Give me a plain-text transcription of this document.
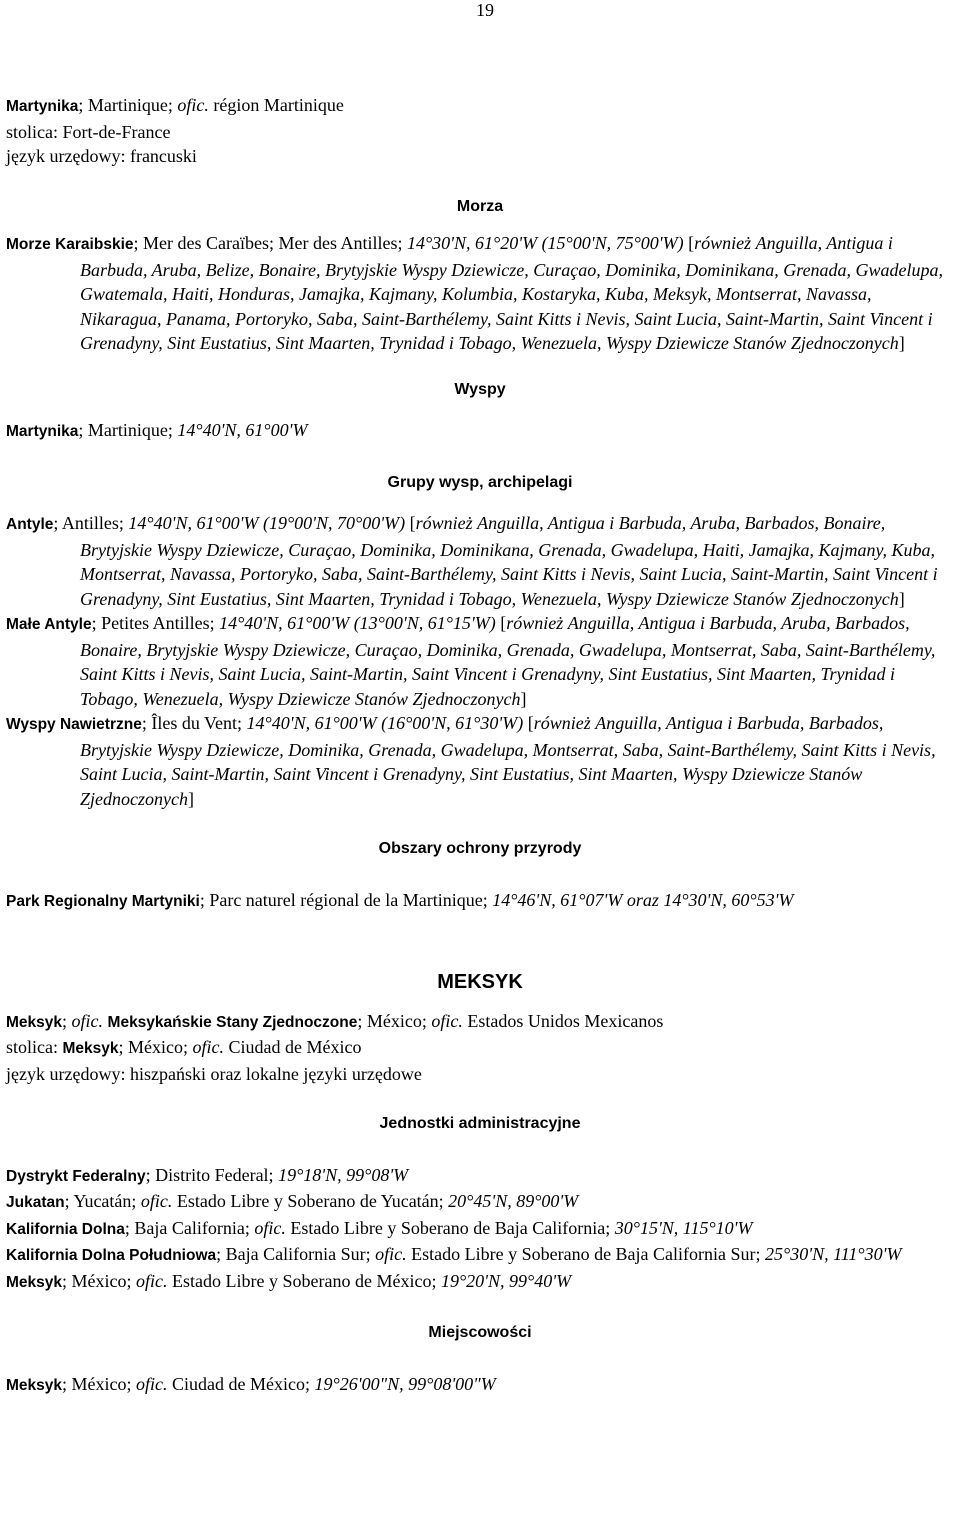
19

Martynika; Martinique; ofic. région Martinique

stolica: Fort-de-France

język urzędowy: francuski

Morza

Morze Karaibskie; Mer des Caraïbes; Mer des Antilles; 14°30'N, 61°20'W (15°00'N, 75°00'W) [również Anguilla, Antigua i Barbuda, Aruba, Belize, Bonaire, Brytyjskie Wyspy Dziewicze, Curaçao, Dominika, Dominikana, Grenada, Gwadelupa, Gwatemala, Haiti, Honduras, Jamajka, Kajmany, Kolumbia, Kostaryka, Kuba, Meksyk, Montserrat, Navassa, Nikaragua, Panama, Portoryko, Saba, Saint-Barthélemy, Saint Kitts i Nevis, Saint Lucia, Saint-Martin, Saint Vincent i Grenadyny, Sint Eustatius, Sint Maarten, Trynidad i Tobago, Wenezuela, Wyspy Dziewicze Stanów Zjednoczonych]

Wyspy

Martynika; Martinique; 14°40'N, 61°00'W

Grupy wysp, archipelagi

Antyle; Antilles; 14°40'N, 61°00'W (19°00'N, 70°00'W) [również Anguilla, Antigua i Barbuda, Aruba, Barbados, Bonaire, Brytyjskie Wyspy Dziewicze, Curaçao, Dominika, Dominikana, Grenada, Gwadelupa, Haiti, Jamajka, Kajmany, Kuba, Montserrat, Navassa, Portoryko, Saba, Saint-Barthélemy, Saint Kitts i Nevis, Saint Lucia, Saint-Martin, Saint Vincent i Grenadyny, Sint Eustatius, Sint Maarten, Trynidad i Tobago, Wenezuela, Wyspy Dziewicze Stanów Zjednoczonych]

Małe Antyle; Petites Antilles; 14°40'N, 61°00'W (13°00'N, 61°15'W) [również Anguilla, Antigua i Barbuda, Aruba, Barbados, Bonaire, Brytyjskie Wyspy Dziewicze, Curaçao, Dominika, Grenada, Gwadelupa, Montserrat, Saba, Saint-Barthélemy, Saint Kitts i Nevis, Saint Lucia, Saint-Martin, Saint Vincent i Grenadyny, Sint Eustatius, Sint Maarten, Trynidad i Tobago, Wenezuela, Wyspy Dziewicze Stanów Zjednoczonych]

Wyspy Nawietrzne; Îles du Vent; 14°40'N, 61°00'W (16°00'N, 61°30'W) [również Anguilla, Antigua i Barbuda, Barbados, Brytyjskie Wyspy Dziewicze, Dominika, Grenada, Gwadelupa, Montserrat, Saba, Saint-Barthélemy, Saint Kitts i Nevis, Saint Lucia, Saint-Martin, Saint Vincent i Grenadyny, Sint Eustatius, Sint Maarten, Wyspy Dziewicze Stanów Zjednoczonych]

Obszary ochrony przyrody

Park Regionalny Martyniki; Parc naturel régional de la Martinique; 14°46'N, 61°07'W oraz 14°30'N, 60°53'W

MEKSYK

Meksyk; ofic. Meksykańskie Stany Zjednoczone; México; ofic. Estados Unidos Mexicanos

stolica: Meksyk; México; ofic. Ciudad de México

język urzędowy: hiszpański oraz lokalne języki urzędowe

Jednostki administracyjne

Dystrykt Federalny; Distrito Federal; 19°18'N, 99°08'W

Jukatan; Yucatán; ofic. Estado Libre y Soberano de Yucatán; 20°45'N, 89°00'W

Kalifornia Dolna; Baja California; ofic. Estado Libre y Soberano de Baja California; 30°15'N, 115°10'W

Kalifornia Dolna Południowa; Baja California Sur; ofic. Estado Libre y Soberano de Baja California Sur; 25°30'N, 111°30'W

Meksyk; México; ofic. Estado Libre y Soberano de México; 19°20'N, 99°40'W

Miejscowości

Meksyk; México; ofic. Ciudad de México; 19°26'00"N, 99°08'00"W
